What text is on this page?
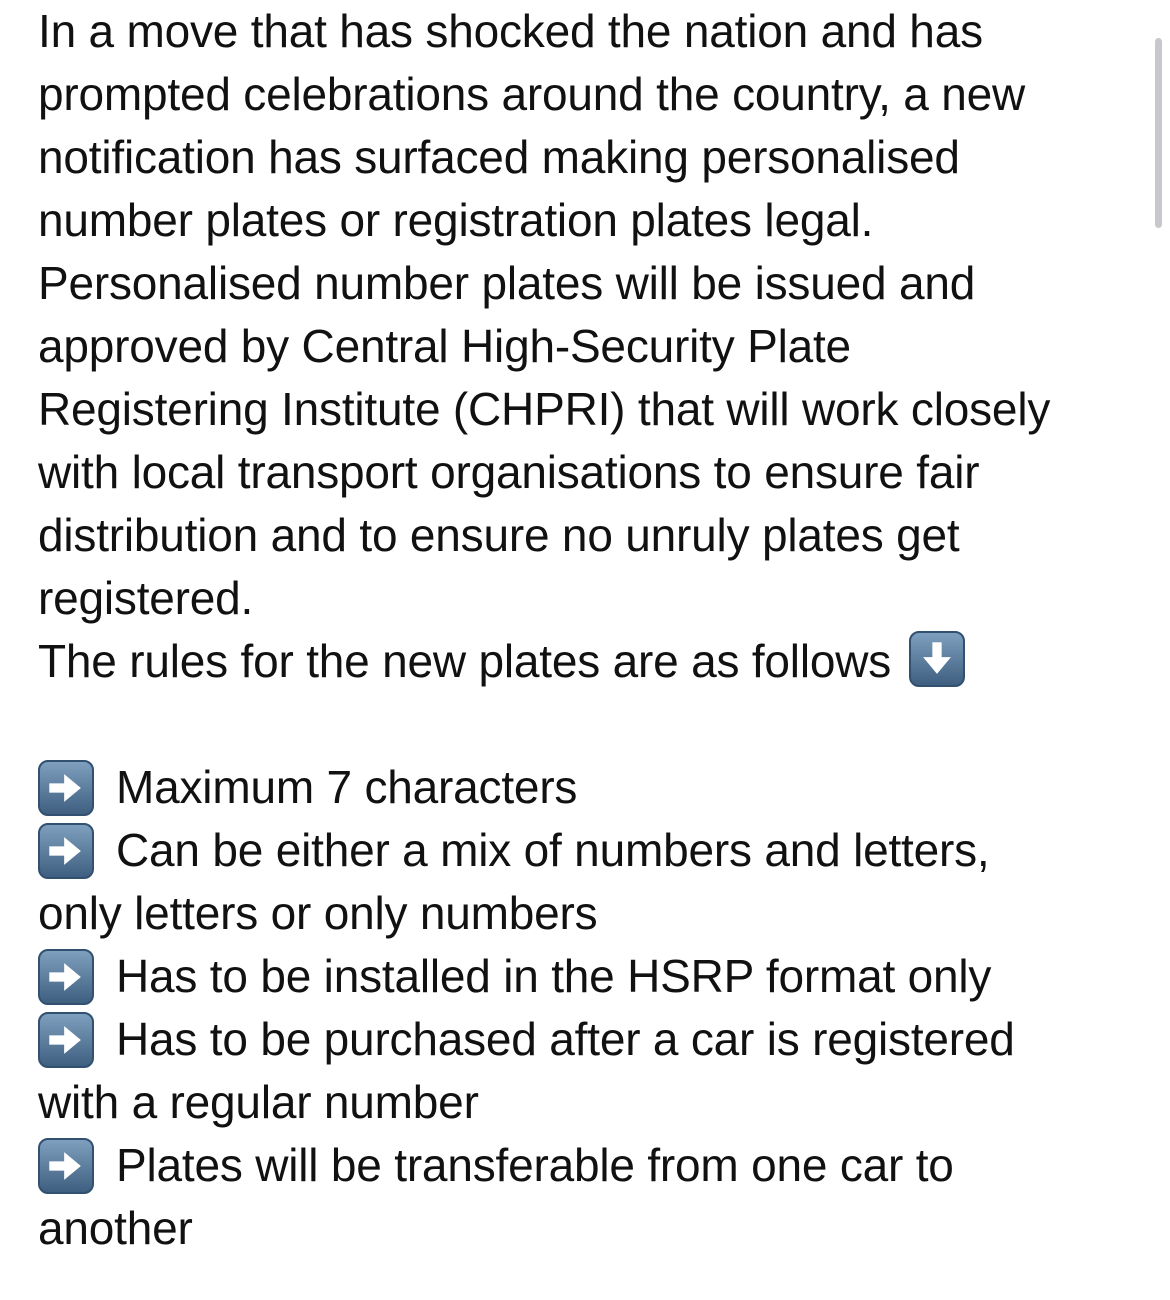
In a move that has shocked the nation and has
prompted celebrations around the country, a new
notification has surfaced making personalised
number plates or registration plates legal.
Personalised number plates will be issued and
approved by Central High-Security Plate
Registering Institute (CHPRI) that will work closely
with local transport organisations to ensure fair
distribution and to ensure no unruly plates get
registered.
The rules for the new plates are as follows
Maximum 7 characters
Can be either a mix of numbers and letters,
only letters or only numbers
Has to be installed in the HSRP format only
Has to be purchased after a car is registered
with a regular number
Plates will be transferable from one car to
another
